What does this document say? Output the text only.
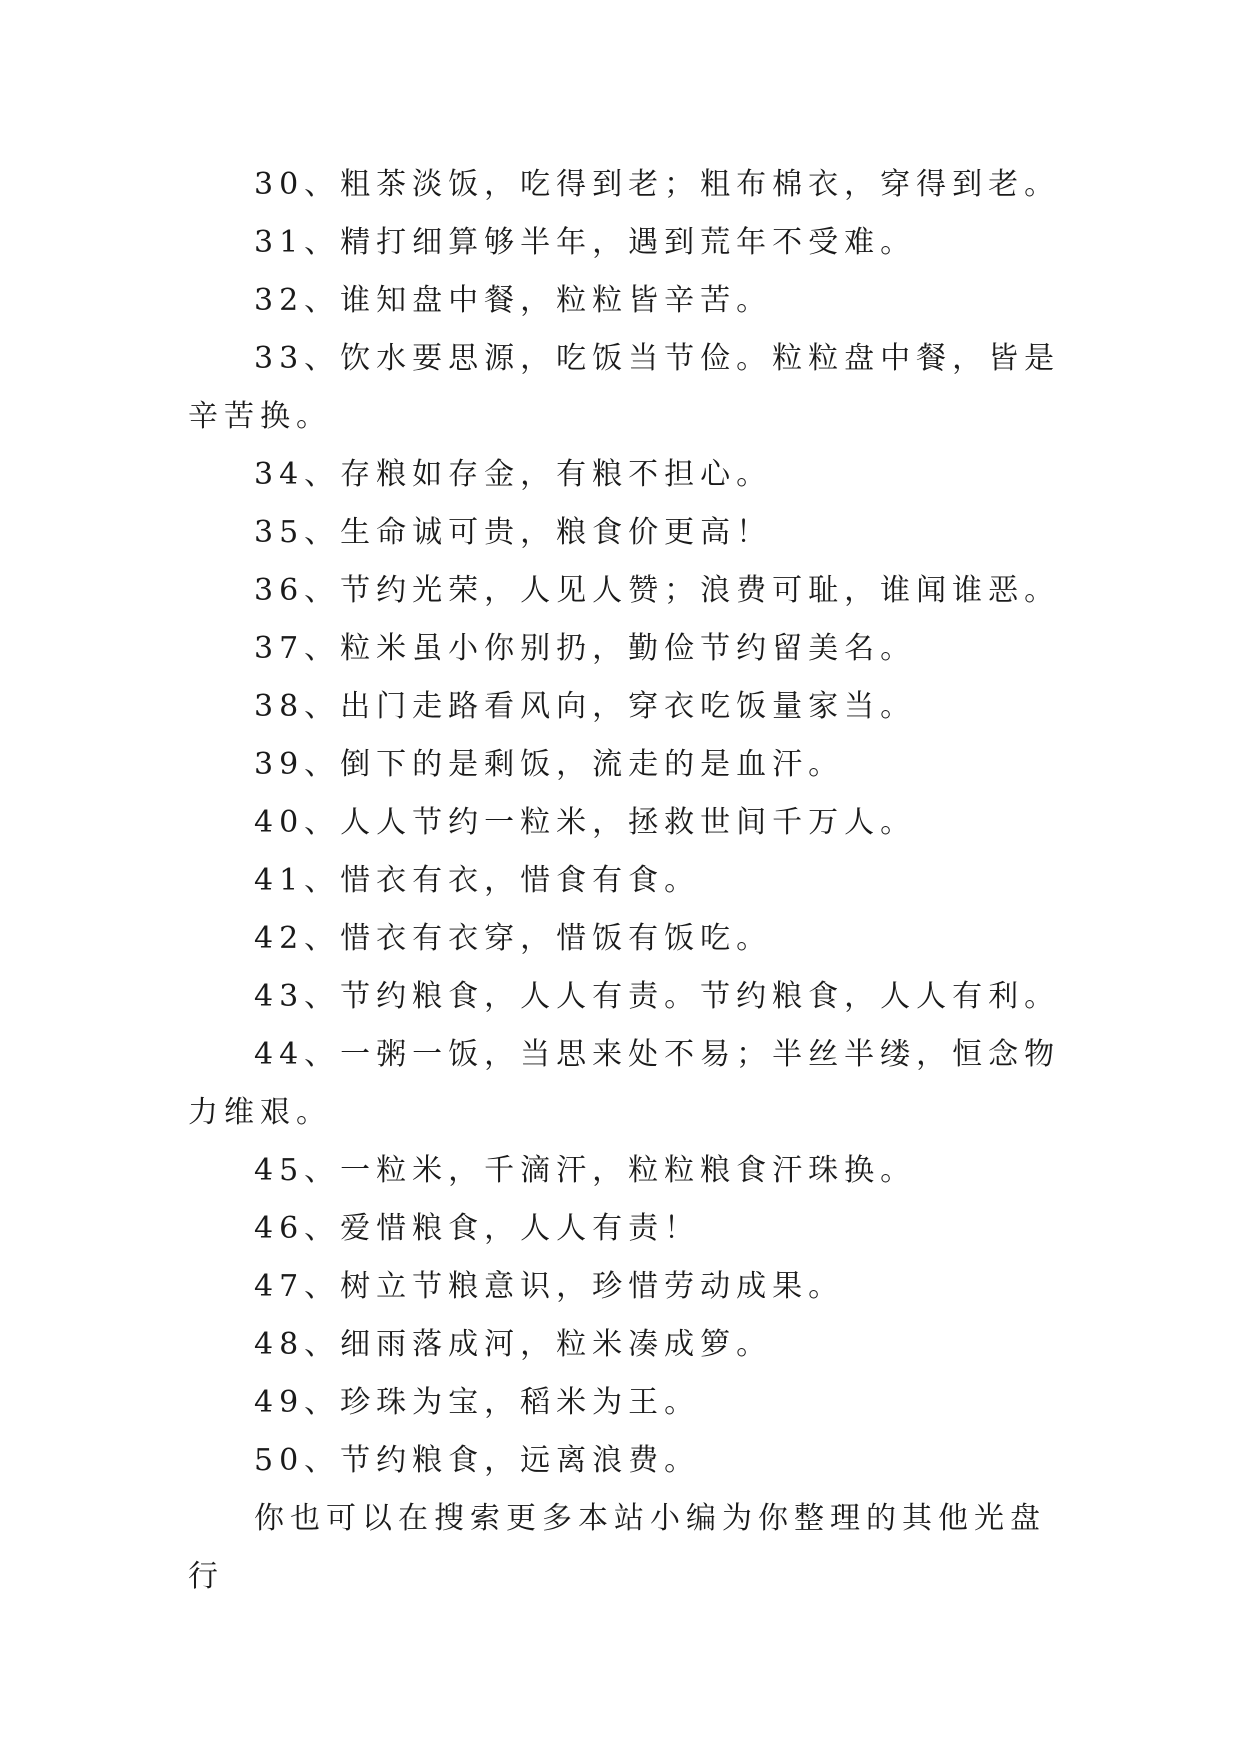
30、粗茶淡饭，吃得到老；粗布棉衣，穿得到老。

31、精打细算够半年，遇到荒年不受难。

32、谁知盘中餐，粒粒皆辛苦。

33、饮水要思源，吃饭当节俭。粒粒盘中餐，皆是辛苦换。

34、存粮如存金，有粮不担心。

35、生命诚可贵，粮食价更高！

36、节约光荣，人见人赞；浪费可耻，谁闻谁恶。

37、粒米虽小你别扔，勤俭节约留美名。

38、出门走路看风向，穿衣吃饭量家当。

39、倒下的是剩饭，流走的是血汗。

40、人人节约一粒米，拯救世间千万人。

41、惜衣有衣，惜食有食。

42、惜衣有衣穿，惜饭有饭吃。

43、节约粮食，人人有责。节约粮食，人人有利。

44、一粥一饭，当思来处不易；半丝半缕，恒念物力维艰。

45、一粒米，千滴汗，粒粒粮食汗珠换。

46、爱惜粮食，人人有责！

47、树立节粮意识，珍惜劳动成果。

48、细雨落成河，粒米凑成箩。

49、珍珠为宝，稻米为王。

50、节约粮食，远离浪费。

你也可以在搜索更多本站小编为你整理的其他光盘行
